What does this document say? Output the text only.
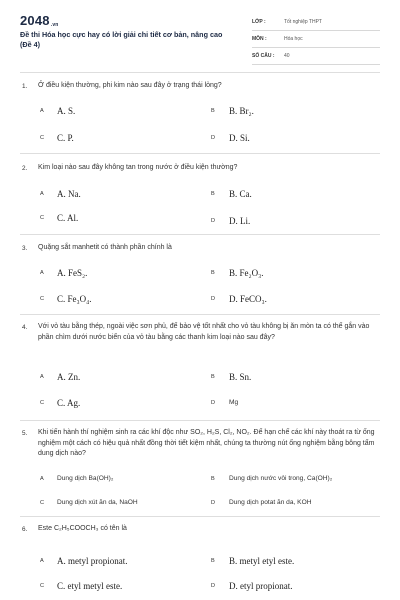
2048.vn
Đề thi Hóa học cực hay có lời giải chi tiết cơ bản, nâng cao (Đề 4)
LỚP :	Tốt nghiệp THPT
MÔN :	Hóa học
SỐ CÂU : 40
1. Ở điều kiện thường, phi kim nào sau đây ở trạng thái lỏng?
A A. S.	B B. Br₂.
C C. P.	D D. Si.
2. Kim loại nào sau đây không tan trong nước ở điều kiện thường?
A A. Na.	B B. Ca.
C C. Al.	D D. Li.
3. Quặng sắt manhetit có thành phần chính là
A A. FeS₂.	B B. Fe₂O₃.
C C. Fe₃O₄.	D D. FeCO₃.
4. Với vỏ tàu bằng thép, ngoài việc sơn phủ, để bảo vệ tốt nhất cho vỏ tàu không bị ăn mòn ta có thể gắn vào phần chìm dưới nước biển của vỏ tàu bằng các thanh kim loại nào sau đây?
A A. Zn.	B B. Sn.
C C. Ag.	D Mg
5. Khi tiến hành thí nghiệm sinh ra các khí độc như SO₂, H₂S, Cl₂, NO₂. Để hạn chế các khí này thoát ra từ ống nghiệm một cách có hiệu quả nhất đồng thời tiết kiệm nhất, chúng ta thường nút ống nghiệm bằng bông tẩm dung dịch nào?
A Dung dịch Ba(OH)₂	B Dung dịch nước vôi trong, Ca(OH)₂
C Dung dịch xút ăn da, NaOH	D Dung dịch potat ăn da, KOH
6. Este C₂H₅COOCH₃ có tên là
A A. metyl propionat.	B B. metyl etyl este.
C C. etyl metyl este.	D D. etyl propionat.
